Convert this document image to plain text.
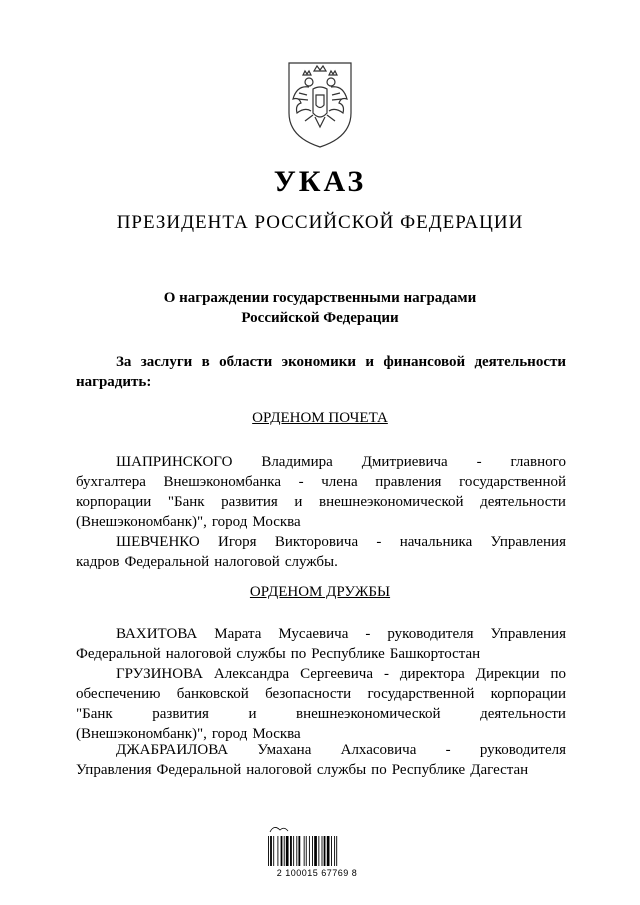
УКАЗ
ПРЕЗИДЕНТА РОССИЙСКОЙ ФЕДЕРАЦИИ
О награждении государственными наградами
Российской Федерации
За заслуги в области экономики и финансовой деятельности
наградить:
ОРДЕНОМ ПОЧЕТА
ШАПРИНСКОГО Владимира Дмитриевича - главного
бухгалтера Внешэкономбанка - члена правления государственной
корпорации "Банк развития и внешнеэкономической деятельности
(Внешэкономбанк)", город Москва
ШЕВЧЕНКО Игоря Викторовича - начальника Управления
кадров Федеральной налоговой службы.
ОРДЕНОМ ДРУЖБЫ
ВАХИТОВА Марата Мусаевича - руководителя Управления
Федеральной налоговой службы по Республике Башкортостан
ГРУЗИНОВА Александра Сергеевича - директора Дирекции по
обеспечению банковской безопасности государственной корпорации
"Банк	развития	и	внешнеэкономической	деятельности
(Внешэкономбанк)", город Москва
ДЖАБРАИЛОВА Умахана Алхасовича - руководителя
Управления Федеральной налоговой службы по Республике Дагестан
2 100015 67769 8
